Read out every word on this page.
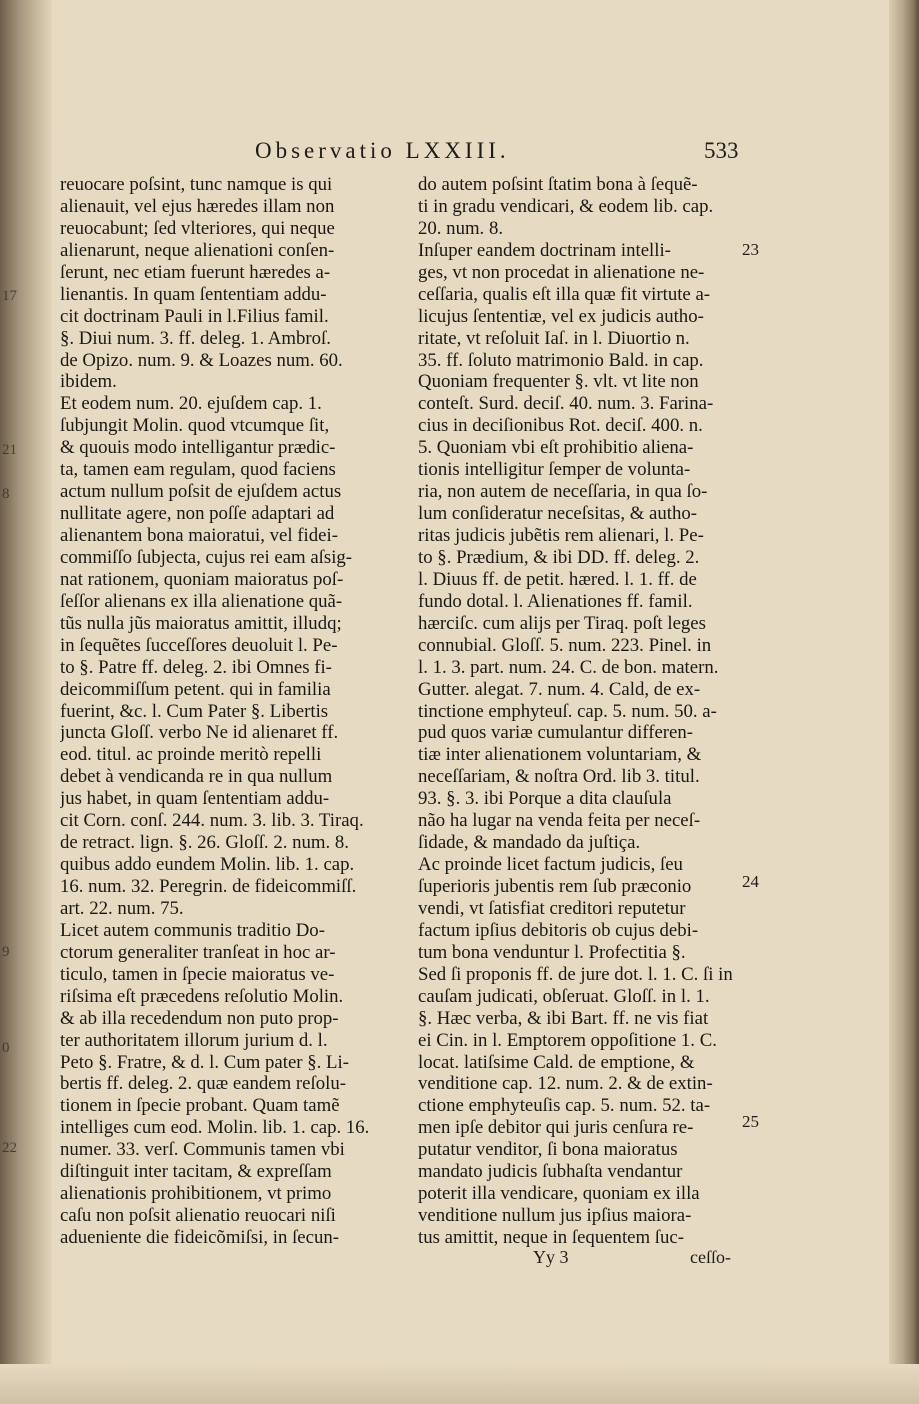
17
21
8
9
0
22
Observatio LXXIII.	533
reuocare poſsint, tunc namque is qui
alienauit, vel ejus hæredes illam non
reuocabunt; ſed vlteriores, qui neque
alienarunt, neque alienationi conſen-
ſerunt, nec etiam fuerunt hæredes a-
lienantis. In quam ſententiam addu-
cit doctrinam Pauli in l.Filius famil.
§. Diui num. 3. ff. deleg. 1. Ambroſ.
de Opizo. num. 9. & Loazes num. 60.
ibidem.
Et eodem num. 20. ejuſdem cap. 1.
ſubjungit Molin. quod vtcumque ſit,
& quouis modo intelligantur prædic-
ta, tamen eam regulam, quod faciens
actum nullum poſsit de ejuſdem actus
nullitate agere, non poſſe adaptari ad
alienantem bona maioratui, vel fidei-
commiſſo ſubjecta, cujus rei eam aſsig-
nat rationem, quoniam maioratus poſ-
ſeſſor alienans ex illa alienatione quã-
tũs nulla jũs maioratus amittit, illudq;
in ſequẽtes ſucceſſores deuoluit l. Pe-
to §. Patre ff. deleg. 2. ibi Omnes fi-
deicommiſſum petent. qui in familia
fuerint, &c. l. Cum Pater §. Libertis
juncta Gloſſ. verbo Ne id alienaret ff.
eod. titul. ac proinde meritò repelli
debet à vendicanda re in qua nullum
jus habet, in quam ſententiam addu-
cit Corn. conſ. 244. num. 3. lib. 3. Tiraq.
de retract. lign. §. 26. Gloſſ. 2. num. 8.
quibus addo eundem Molin. lib. 1. cap.
16. num. 32. Peregrin. de fideicommiſſ.
art. 22. num. 75.
Licet autem communis traditio Do-
ctorum generaliter tranſeat in hoc ar-
ticulo, tamen in ſpecie maioratus ve-
riſsima eſt præcedens reſolutio Molin.
& ab illa recedendum non puto prop-
ter authoritatem illorum jurium d. l.
Peto §. Fratre, & d. l. Cum pater §. Li-
bertis ff. deleg. 2. quæ eandem reſolu-
tionem in ſpecie probant. Quam tamẽ
intelliges cum eod. Molin. lib. 1. cap. 16.
numer. 33. verſ. Communis tamen vbi
diſtinguit inter tacitam, & expreſſam
alienationis prohibitionem, vt primo
caſu non poſsit alienatio reuocari niſi
adueniente die fideicõmiſsi, in ſecun-
do autem poſsint ſtatim bona à ſequẽ-
ti in gradu vendicari, & eodem lib. cap.
20. num. 8.
Inſuper eandem doctrinam intelli-
ges, vt non procedat in alienatione ne-
ceſſaria, qualis eſt illa quæ fit virtute a-
licujus ſententiæ, vel ex judicis autho-
ritate, vt reſoluit Iaſ. in l. Diuortio n.
35. ff. ſoluto matrimonio Bald. in cap.
Quoniam frequenter §. vlt. vt lite non
conteſt. Surd. deciſ. 40. num. 3. Farina-
cius in deciſionibus Rot. deciſ. 400. n.
5. Quoniam vbi eſt prohibitio aliena-
tionis intelligitur ſemper de volunta-
ria, non autem de neceſſaria, in qua ſo-
lum conſideratur neceſsitas, & autho-
ritas judicis jubẽtis rem alienari, l. Pe-
to §. Prædium, & ibi DD. ff. deleg. 2.
l. Diuus ff. de petit. hæred. l. 1. ff. de
fundo dotal. l. Alienationes ff. famil.
hærciſc. cum alijs per Tiraq. poſt leges
connubial. Gloſſ. 5. num. 223. Pinel. in
l. 1. 3. part. num. 24. C. de bon. matern.
Gutter. alegat. 7. num. 4. Cald, de ex-
tinctione emphyteuſ. cap. 5. num. 50. a-
pud quos variæ cumulantur differen-
tiæ inter alienationem voluntariam, &
neceſſariam, & noſtra Ord. lib 3. titul.
93. §. 3. ibi Porque a dita clauſula
não ha lugar na venda feita per neceſ-
ſidade, & mandado da juſtiça.
Ac proinde licet factum judicis, ſeu
ſuperioris jubentis rem ſub præconio
vendi, vt ſatisfiat creditori reputetur
factum ipſius debitoris ob cujus debi-
tum bona venduntur l. Profectitia §.
Sed ſi proponis ff. de jure dot. l. 1. C. ſi in
cauſam judicati, obſeruat. Gloſſ. in l. 1.
§. Hæc verba, & ibi Bart. ff. ne vis fiat
ei Cin. in l. Emptorem oppoſitione 1. C.
locat. latiſsime Cald. de emptione, &
venditione cap. 12. num. 2. & de extin-
ctione emphyteuſis cap. 5. num. 52. ta-
men ipſe debitor qui juris cenſura re-
putatur venditor, ſi bona maioratus
mandato judicis ſubhaſta vendantur
poterit illa vendicare, quoniam ex illa
venditione nullum jus ipſius maiora-
tus amittit, neque in ſequentem ſuc-
23
24
25
Yy 3	ceſſo-
